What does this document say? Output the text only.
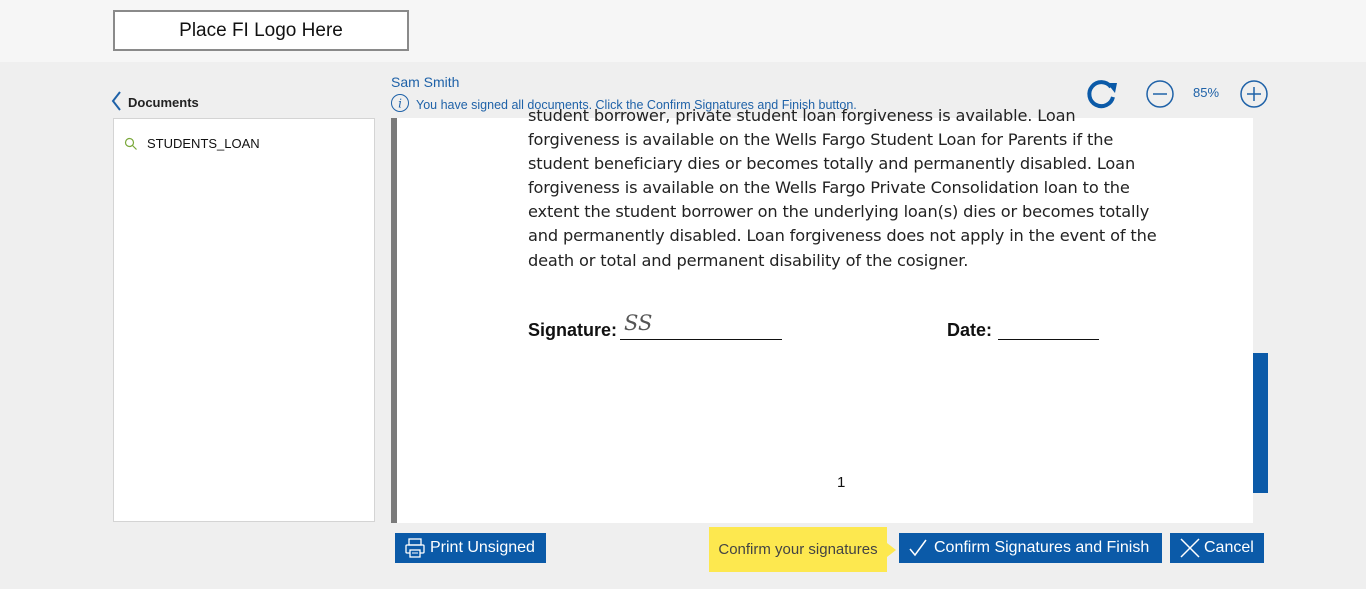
Place FI Logo Here
Documents
STUDENTS_LOAN
Sam Smith
i You have signed all documents. Click the Confirm Signatures and Finish button.
85%

student borrower, private student loan forgiveness is available. Loan

forgiveness is available on the Wells Fargo Student Loan for Parents if the

student beneficiary dies or becomes totally and permanently disabled. Loan

forgiveness is available on the Wells Fargo Private Consolidation loan to the

extent the student borrower on the underlying loan(s) dies or becomes totally

and permanently disabled. Loan forgiveness does not apply in the event of the

death or total and permanent disability of the cosigner.

Signature: SS	Date:
1
Print Unsigned	Confirm your signatures	Confirm Signatures and Finish	Cancel
